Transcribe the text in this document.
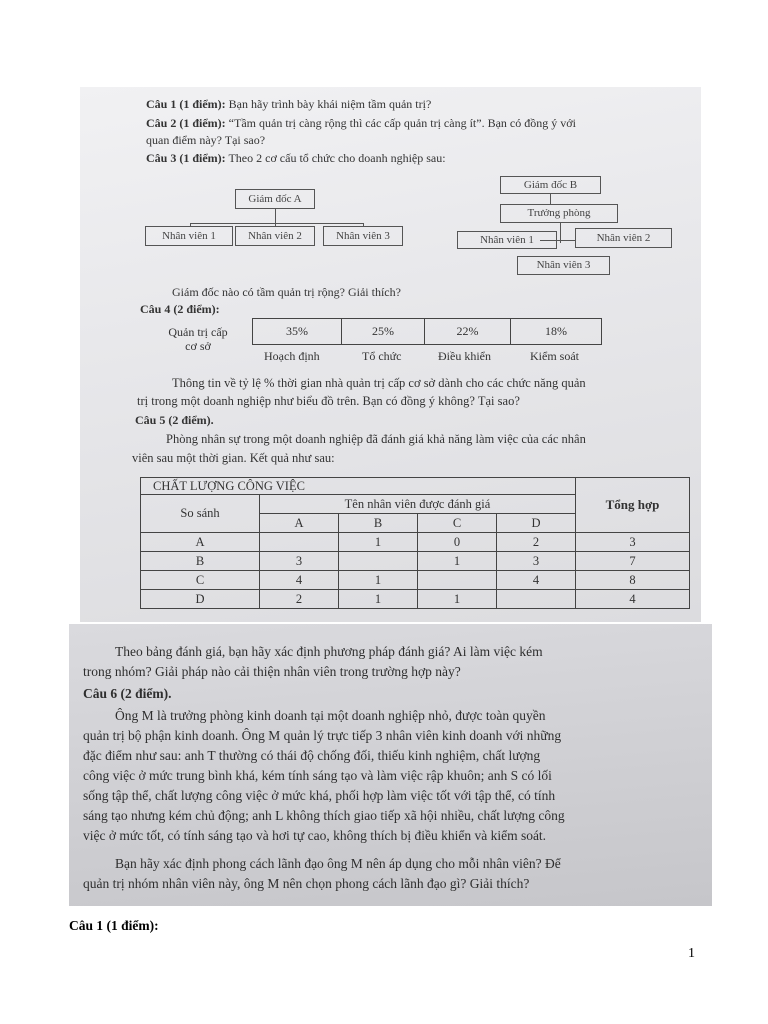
Câu 1 (1 điểm): Bạn hãy trình bày khái niệm tầm quản trị?
Câu 2 (1 điểm): “Tầm quản trị càng rộng thì các cấp quản trị càng ít”. Bạn có đồng ý với
quan điểm này? Tại sao?
Câu 3 (1 điểm): Theo 2 cơ cấu tổ chức cho doanh nghiệp sau:
Giám đốc A
Nhân viên 1	Nhân viên 2	Nhân viên 3
Giám đốc B
Trưởng phòng
Nhân viên 1	Nhân viên 2
Nhân viên 3
Giám đốc nào có tầm quản trị rộng? Giải thích?
Câu 4 (2 điểm):
Quản trị cấp
cơ sở
35%	25%	22%	18%
Hoạch định	Tổ chức	Điều khiển	Kiểm soát
Thông tin về tỷ lệ % thời gian nhà quản trị cấp cơ sở dành cho các chức năng quản
trị trong một doanh nghiệp như biểu đồ trên. Bạn có đồng ý không? Tại sao?
Câu 5 (2 điểm).
Phòng nhân sự trong một doanh nghiệp đã đánh giá khả năng làm việc của các nhân
viên sau một thời gian. Kết quả như sau:
CHẤT LƯỢNG CÔNG VIỆC					Tổng hợp
So sánh	Tên nhân viên được đánh giá				
	A	B	C	D	
A		1	0	2	3
B	3		1	3	7
C	4	1		4	8
D	2	1	1		4
Theo bảng đánh giá, bạn hãy xác định phương pháp đánh giá? Ai làm việc kém
trong nhóm? Giải pháp nào cải thiện nhân viên trong trường hợp này?
Câu 6 (2 điểm).
Ông M là trưởng phòng kinh doanh tại một doanh nghiệp nhỏ, được toàn quyền
quản trị bộ phận kinh doanh. Ông M quản lý trực tiếp 3 nhân viên kinh doanh với những
đặc điểm như sau: anh T thường có thái độ chống đối, thiếu kinh nghiệm, chất lượng
công việc ở mức trung bình khá, kém tính sáng tạo và làm việc rập khuôn; anh S có lối
sống tập thể, chất lượng công việc ở mức khá, phối hợp làm việc tốt với tập thể, có tính
sáng tạo nhưng kém chủ động; anh L không thích giao tiếp xã hội nhiều, chất lượng công
việc ở mức tốt, có tính sáng tạo và hơi tự cao, không thích bị điều khiển và kiểm soát.
Bạn hãy xác định phong cách lãnh đạo ông M nên áp dụng cho mỗi nhân viên? Để
quản trị nhóm nhân viên này, ông M nên chọn phong cách lãnh đạo gì? Giải thích?
Câu 1 (1 điểm):
1
